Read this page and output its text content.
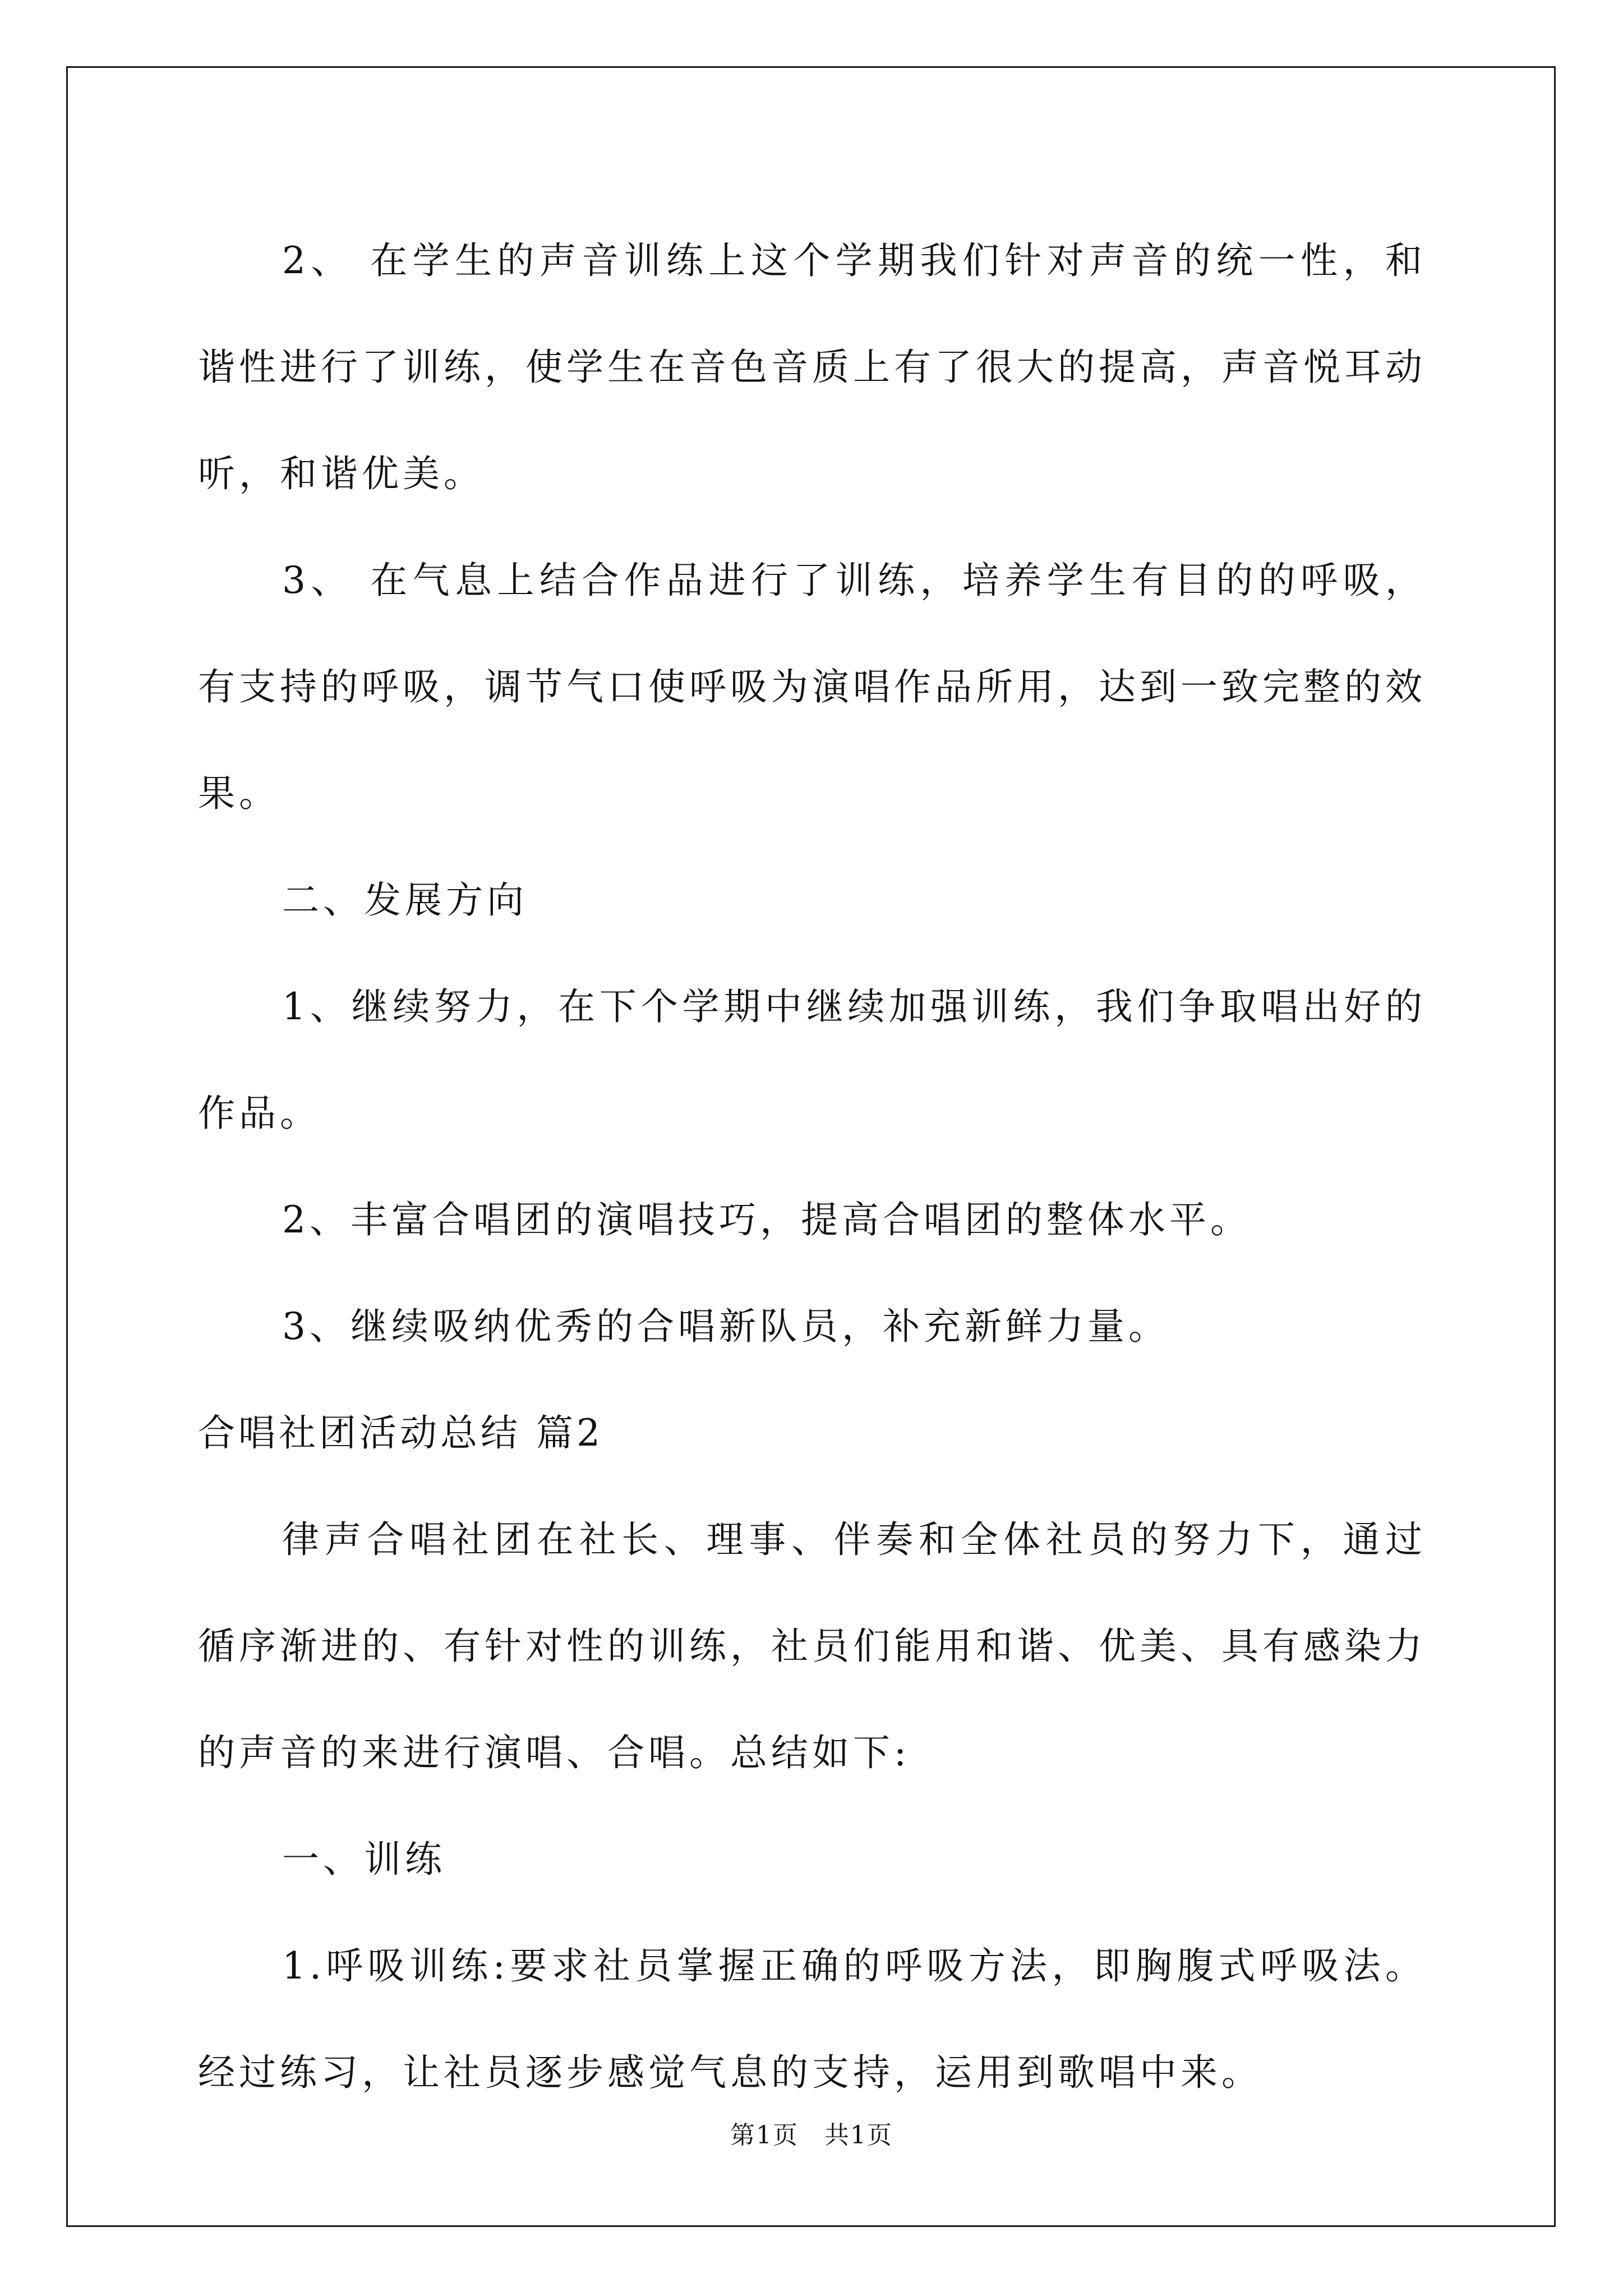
2、 在学生的声音训练上这个学期我们针对声音的统一性，和谐性进行了训练，使学生在音色音质上有了很大的提高，声音悦耳动听，和谐优美。

3、 在气息上结合作品进行了训练，培养学生有目的的呼吸，有支持的呼吸，调节气口使呼吸为演唱作品所用，达到一致完整的效果。

二、发展方向

1、继续努力，在下个学期中继续加强训练，我们争取唱出好的作品。

2、丰富合唱团的演唱技巧，提高合唱团的整体水平。

3、继续吸纳优秀的合唱新队员，补充新鲜力量。

合唱社团活动总结 篇2

律声合唱社团在社长、理事、伴奏和全体社员的努力下，通过循序渐进的、有针对性的训练，社员们能用和谐、优美、具有感染力的声音的来进行演唱、合唱。总结如下:

一、训练

1.呼吸训练:要求社员掌握正确的呼吸方法，即胸腹式呼吸法。经过练习，让社员逐步感觉气息的支持，运用到歌唱中来。

第1页　共1页
